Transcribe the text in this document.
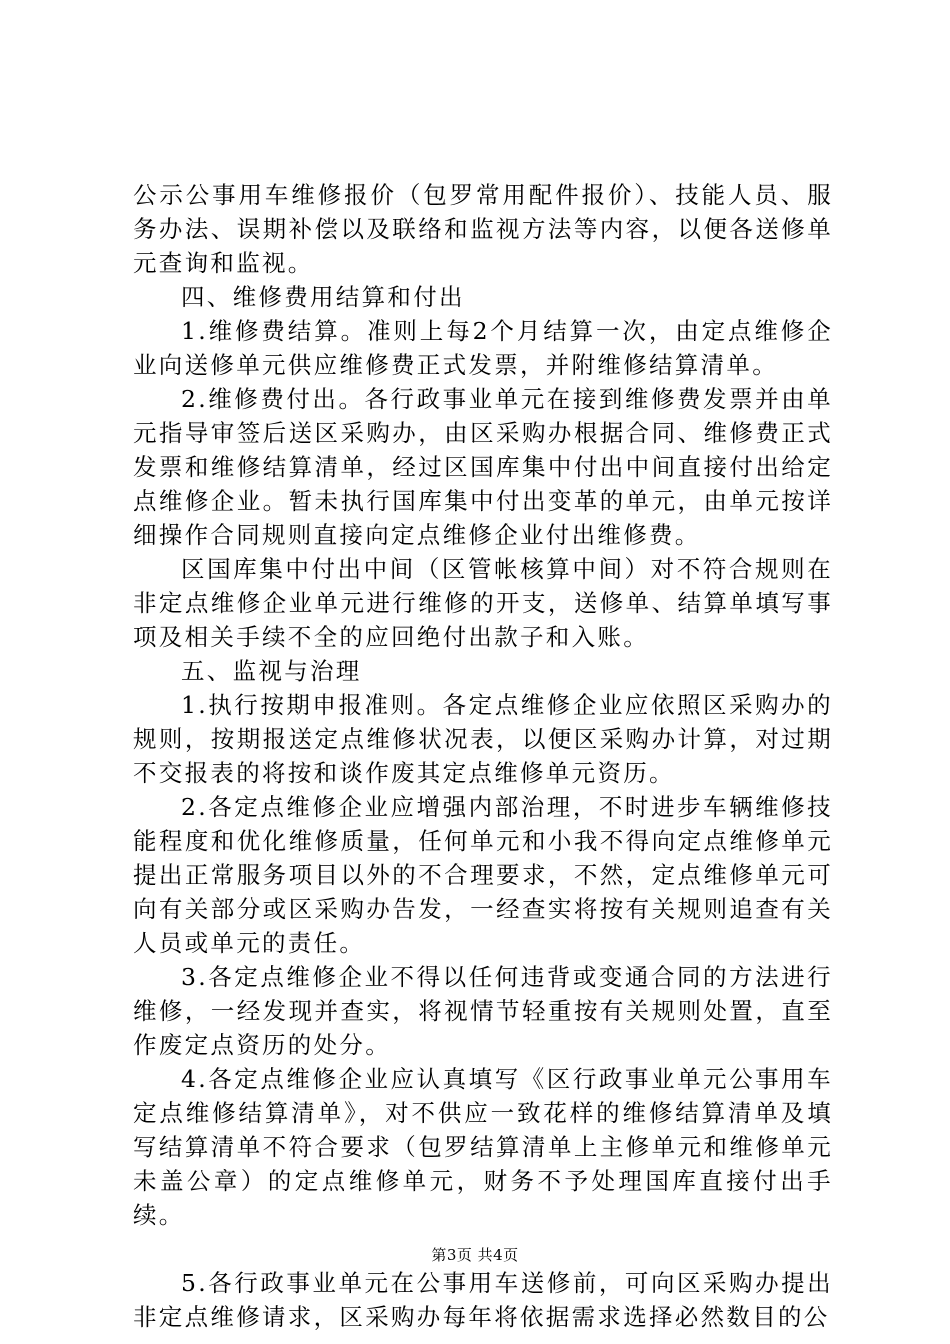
公示公事用车维修报价（包罗常用配件报价）、技能人员、服务办法、误期补偿以及联络和监视方法等内容，以便各送修单元查询和监视。

四、维修费用结算和付出

1.维修费结算。准则上每2个月结算一次，由定点维修企业向送修单元供应维修费正式发票，并附维修结算清单。

2.维修费付出。各行政事业单元在接到维修费发票并由单元指导审签后送区采购办，由区采购办根据合同、维修费正式发票和维修结算清单，经过区国库集中付出中间直接付出给定点维修企业。暂未执行国库集中付出变革的单元，由单元按详细操作合同规则直接向定点维修企业付出维修费。

区国库集中付出中间（区管帐核算中间）对不符合规则在非定点维修企业单元进行维修的开支，送修单、结算单填写事项及相关手续不全的应回绝付出款子和入账。

五、监视与治理

1.执行按期申报准则。各定点维修企业应依照区采购办的规则，按期报送定点维修状况表，以便区采购办计算，对过期不交报表的将按和谈作废其定点维修单元资历。

2.各定点维修企业应增强内部治理，不时进步车辆维修技能程度和优化维修质量，任何单元和小我不得向定点维修单元提出正常服务项目以外的不合理要求，不然，定点维修单元可向有关部分或区采购办告发，一经查实将按有关规则追查有关人员或单元的责任。

3.各定点维修企业不得以任何违背或变通合同的方法进行维修，一经发现并查实，将视情节轻重按有关规则处置，直至作废定点资历的处分。

4.各定点维修企业应认真填写《区行政事业单元公事用车定点维修结算清单》，对不供应一致花样的维修结算清单及填写结算清单不符合要求（包罗结算清单上主修单元和维修单元未盖公章）的定点维修单元，财务不予处理国库直接付出手续。

5.各行政事业单元在公事用车送修前，可向区采购办提出非定点维修请求，区采购办每年将依据需求选择必然数目的公

第3页 共4页
